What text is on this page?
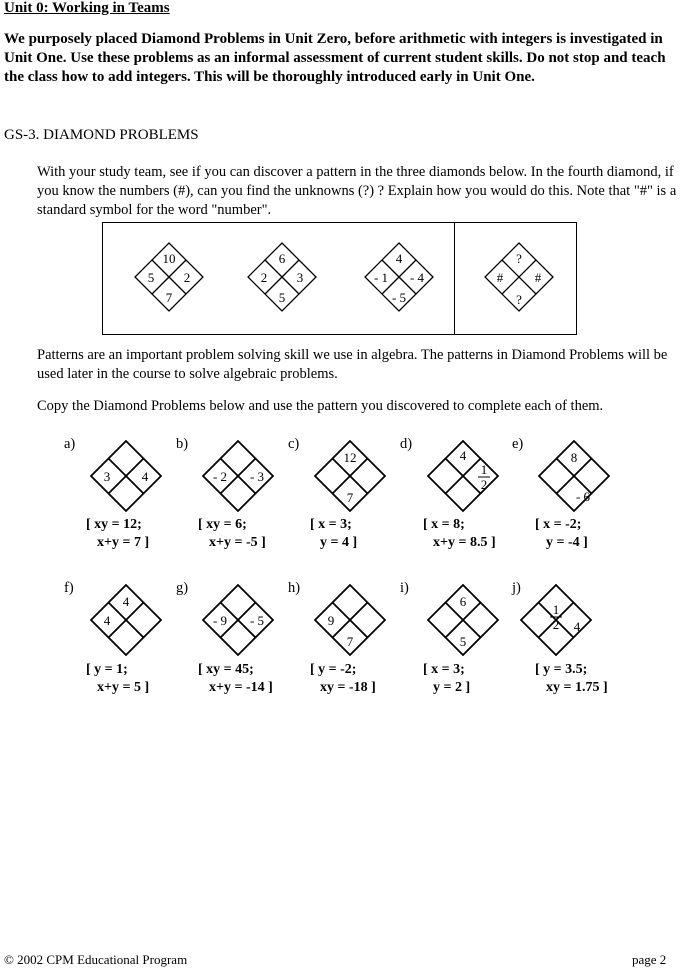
Unit 0: Working in Teams
We purposely placed Diamond Problems in Unit Zero, before arithmetic with integers is investigated in Unit One. Use these problems as an informal assessment of current student skills. Do not stop and teach the class how to add integers. This will be thoroughly introduced early in Unit One.
GS-3. DIAMOND PROBLEMS
With your study team, see if you can discover a pattern in the three diamonds below. In the fourth diamond, if you know the numbers (#), can you find the unknowns (?) ? Explain how you would do this. Note that "#" is a standard symbol for the word "number".
10
5 2
7
6
2 3
5
4
- 1 - 4
- 5
?
# #
?
Patterns are an important problem solving skill we use in algebra. The patterns in Diamond Problems will be used later in the course to solve algebraic problems.
Copy the Diamond Problems below and use the pattern you discovered to complete each of them.
a)
3 4
[ xy = 12;
x+y = 7 ]
b)
- 2 - 3
[ xy = 6;
x+y = -5 ]
c)
12
7
[ x = 3;
y = 4 ]
d)
4
1
2
[ x = 8;
x+y = 8.5 ]
e)
8
- 6
[ x = -2;
y = -4 ]
f)
4
4
[ y = 1;
x+y = 5 ]
g)
- 9 - 5
[ xy = 45;
x+y = -14 ]
h)
9
7
[ y = -2;
xy = -18 ]
i)
6
5
[ x = 3;
y = 2 ]
j)
1
2 4
[ y = 3.5;
xy = 1.75 ]
© 2002 CPM Educational Program	page 2
